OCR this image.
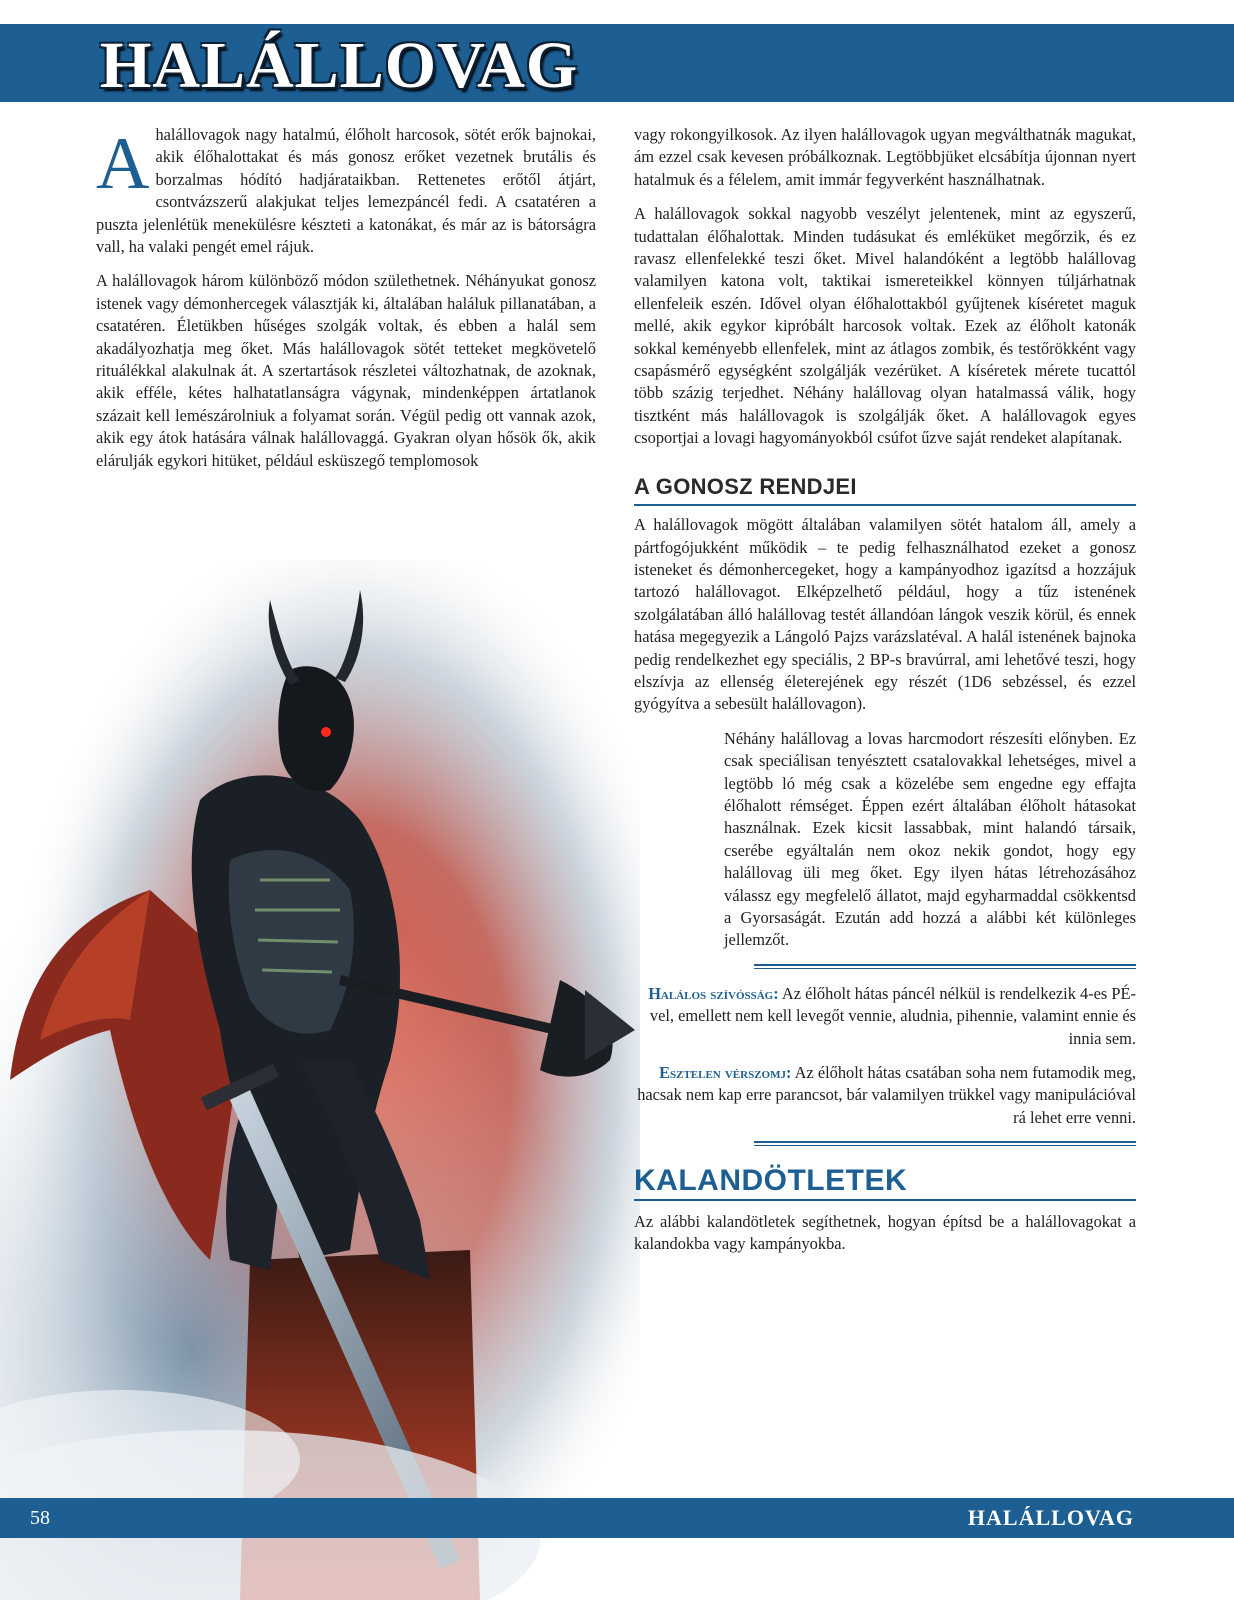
HALÁLLOVAG

Ahalállovagok nagy hatalmú, élőholt harcosok, sötét erők bajnokai, akik élőhalottakat és más gonosz erőket vezetnek brutális és borzalmas hódító hadjárataikban. Rettenetes erőtől átjárt, csontvázszerű alakjukat teljes lemezpáncél fedi. A csatatéren a puszta jelenlétük menekülésre készteti a katonákat, és már az is bátorságra vall, ha valaki pengét emel rájuk.

A halállovagok három különböző módon születhetnek. Néhányukat gonosz istenek vagy démonhercegek választják ki, általában haláluk pillanatában, a csatatéren. Életükben hűséges szolgák voltak, és ebben a halál sem akadályozhatja meg őket. Más halállovagok sötét tetteket megkövetelő rituálékkal alakulnak át. A szertartások részletei változhatnak, de azoknak, akik efféle, kétes halhatatlanságra vágynak, mindenképpen ártatlanok százait kell lemészárolniuk a folyamat során. Végül pedig ott vannak azok, akik egy átok hatására válnak halállovaggá. Gyakran olyan hősök ők, akik elárulják egykori hitüket, például esküszegő templomosok

vagy rokongyilkosok. Az ilyen halállovagok ugyan megválthatnák magukat, ám ezzel csak kevesen próbálkoznak. Legtöbbjüket elcsábítja újonnan nyert hatalmuk és a félelem, amit immár fegyverként használhatnak.

A halállovagok sokkal nagyobb veszélyt jelentenek, mint az egyszerű, tudattalan élőhalottak. Minden tudásukat és emléküket megőrzik, és ez ravasz ellenfelekké teszi őket. Mivel halandóként a legtöbb halállovag valamilyen katona volt, taktikai ismereteikkel könnyen túljárhatnak ellenfeleik eszén. Idővel olyan élőhalottakból gyűjtenek kíséretet maguk mellé, akik egykor kipróbált harcosok voltak. Ezek az élőholt katonák sokkal keményebb ellenfelek, mint az átlagos zombik, és testőrökként vagy csapásmérő egységként szolgálják vezérüket. A kíséretek mérete tucattól több százig terjedhet. Néhány halállovag olyan hatalmassá válik, hogy tisztként más halállovagok is szolgálják őket. A halállovagok egyes csoportjai a lovagi hagyományokból csúfot űzve saját rendeket alapítanak.

A GONOSZ RENDJEI

A halállovagok mögött általában valamilyen sötét hatalom áll, amely a pártfogójukként működik – te pedig felhasználhatod ezeket a gonosz isteneket és démonhercegeket, hogy a kampányodhoz igazítsd a hozzájuk tartozó halállovagot. Elképzelhető például, hogy a tűz istenének szolgálatában álló halállovag testét állandóan lángok veszik körül, és ennek hatása megegyezik a Lángoló Pajzs varázslatéval. A halál istenének bajnoka pedig rendelkezhet egy speciális, 2 BP-s bravúrral, ami lehetővé teszi, hogy elszívja az ellenség életerejének egy részét (1D6 sebzéssel, és ezzel gyógyítva a sebesült halállovagon).

Néhány halállovag a lovas harcmodort részesíti előnyben. Ez csak speciálisan tenyésztett csatalovakkal lehetséges, mivel a legtöbb ló még csak a közelébe sem engedne egy effajta élőhalott rémséget. Éppen ezért általában élőholt hátasokat használnak. Ezek kicsit lassabbak, mint halandó társaik, cserébe egyáltalán nem okoz nekik gondot, hogy egy halállovag üli meg őket. Egy ilyen hátas létrehozásához válassz egy megfelelő állatot, majd egyharmaddal csökkentsd a Gyorsaságát. Ezután add hozzá a alábbi két különleges jellemzőt.

Halálos szívósság: Az élőholt hátas páncél nélkül is rendelkezik 4-es PÉ-vel, emellett nem kell levegőt vennie, aludnia, pihennie, valamint ennie és innia sem.

Esztelen vérszomj: Az élőholt hátas csatában soha nem futamodik meg, hacsak nem kap erre parancsot, bár valamilyen trükkel vagy manipulációval rá lehet erre venni.

KALANDÖTLETEK

Az alábbi kalandötletek segíthetnek, hogyan építsd be a halállovagokat a kalandokba vagy kampányokba.

58	HALÁLLOVAG
